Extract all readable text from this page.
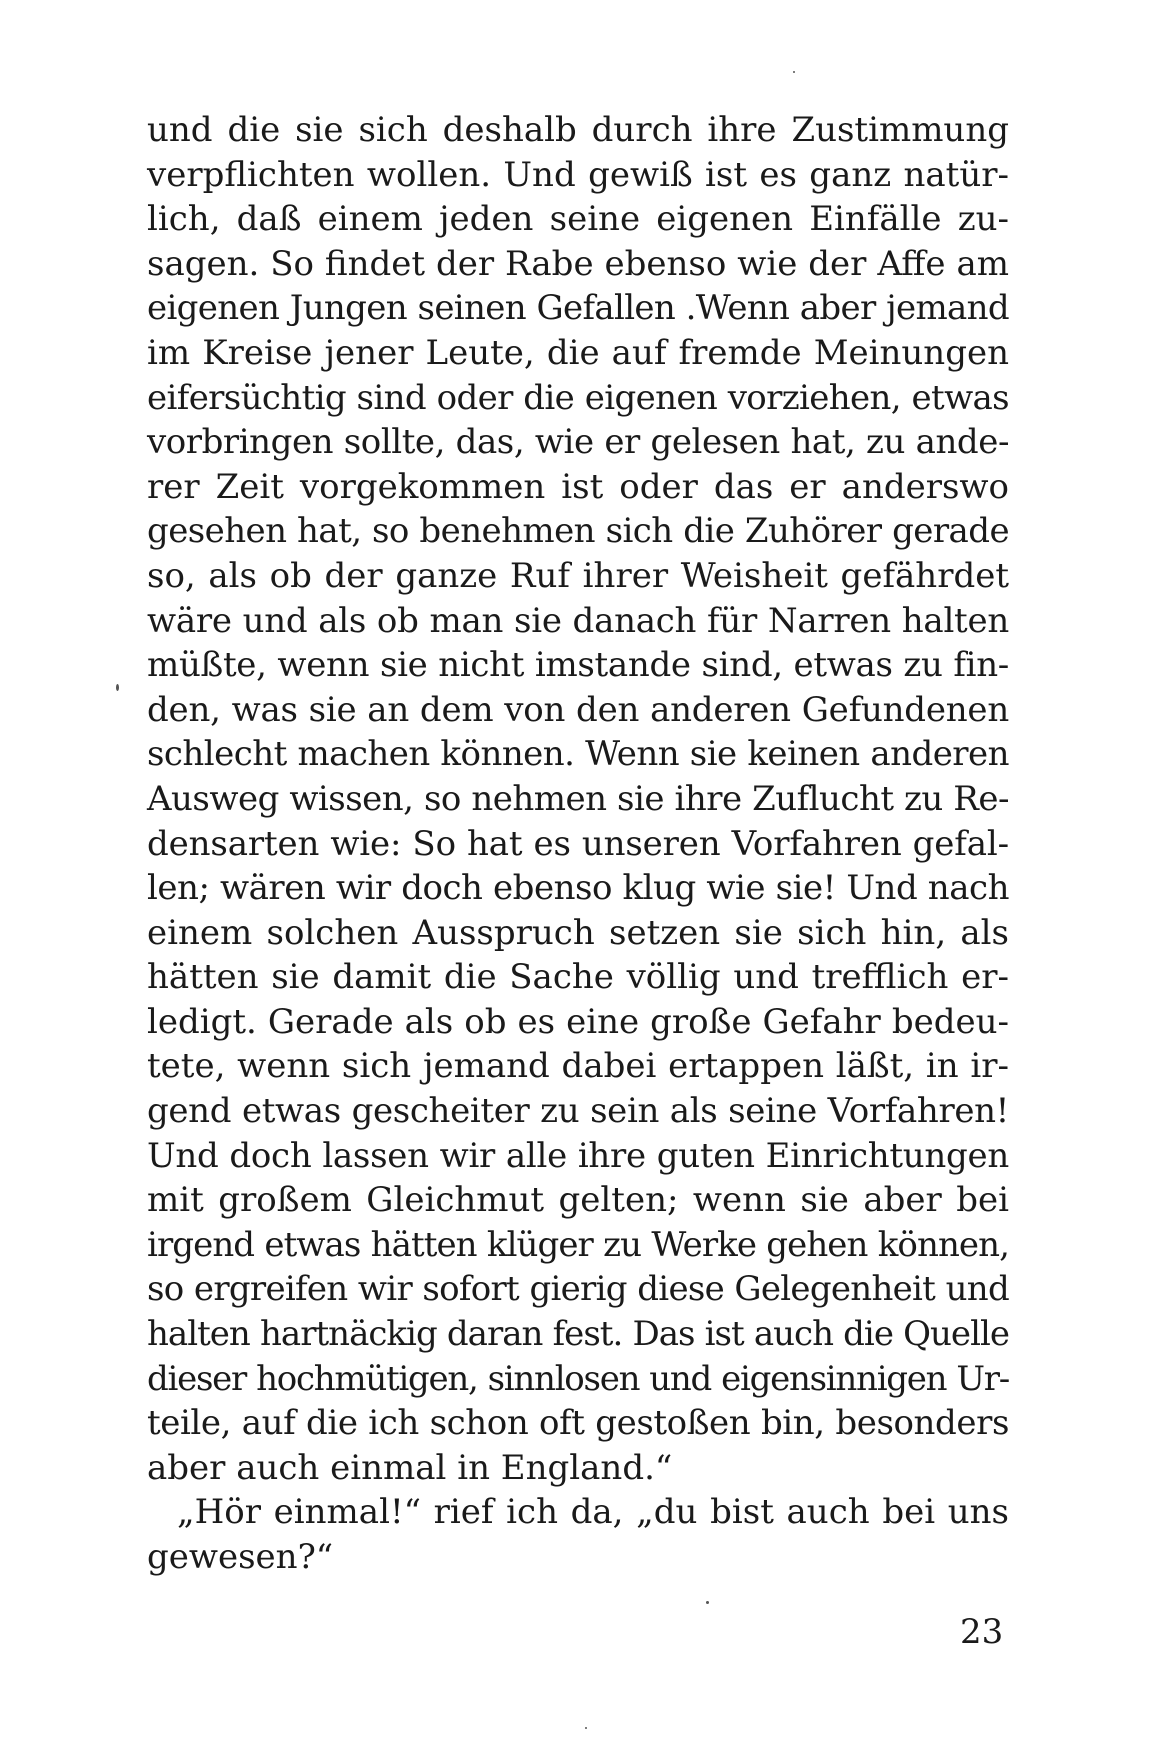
und die sie sich deshalb durch ihre Zustimmung
verpflichten wollen. Und gewiß ist es ganz natür-
lich, daß einem jeden seine eigenen Einfälle zu-
sagen. So findet der Rabe ebenso wie der Affe am
eigenen Jungen seinen Gefallen .Wenn aber jemand
im Kreise jener Leute, die auf fremde Meinungen
eifersüchtig sind oder die eigenen vorziehen, etwas
vorbringen sollte, das, wie er gelesen hat, zu ande-
rer Zeit vorgekommen ist oder das er anderswo
gesehen hat, so benehmen sich die Zuhörer gerade
so, als ob der ganze Ruf ihrer Weisheit gefährdet
wäre und als ob man sie danach für Narren halten
müßte, wenn sie nicht imstande sind, etwas zu fin-
den, was sie an dem von den anderen Gefundenen
schlecht machen können. Wenn sie keinen anderen
Ausweg wissen, so nehmen sie ihre Zuflucht zu Re-
densarten wie: So hat es unseren Vorfahren gefal-
len; wären wir doch ebenso klug wie sie! Und nach
einem solchen Ausspruch setzen sie sich hin, als
hätten sie damit die Sache völlig und trefflich er-
ledigt. Gerade als ob es eine große Gefahr bedeu-
tete, wenn sich jemand dabei ertappen läßt, in ir-
gend etwas gescheiter zu sein als seine Vorfahren!
Und doch lassen wir alle ihre guten Einrichtungen
mit großem Gleichmut gelten; wenn sie aber bei
irgend etwas hätten klüger zu Werke gehen können,
so ergreifen wir sofort gierig diese Gelegenheit und
halten hartnäckig daran fest. Das ist auch die Quelle
dieser hochmütigen, sinnlosen und eigensinnigen Ur-
teile, auf die ich schon oft gestoßen bin, besonders
aber auch einmal in England.“
„Hör einmal!“ rief ich da, „du bist auch bei uns
gewesen?“
23
